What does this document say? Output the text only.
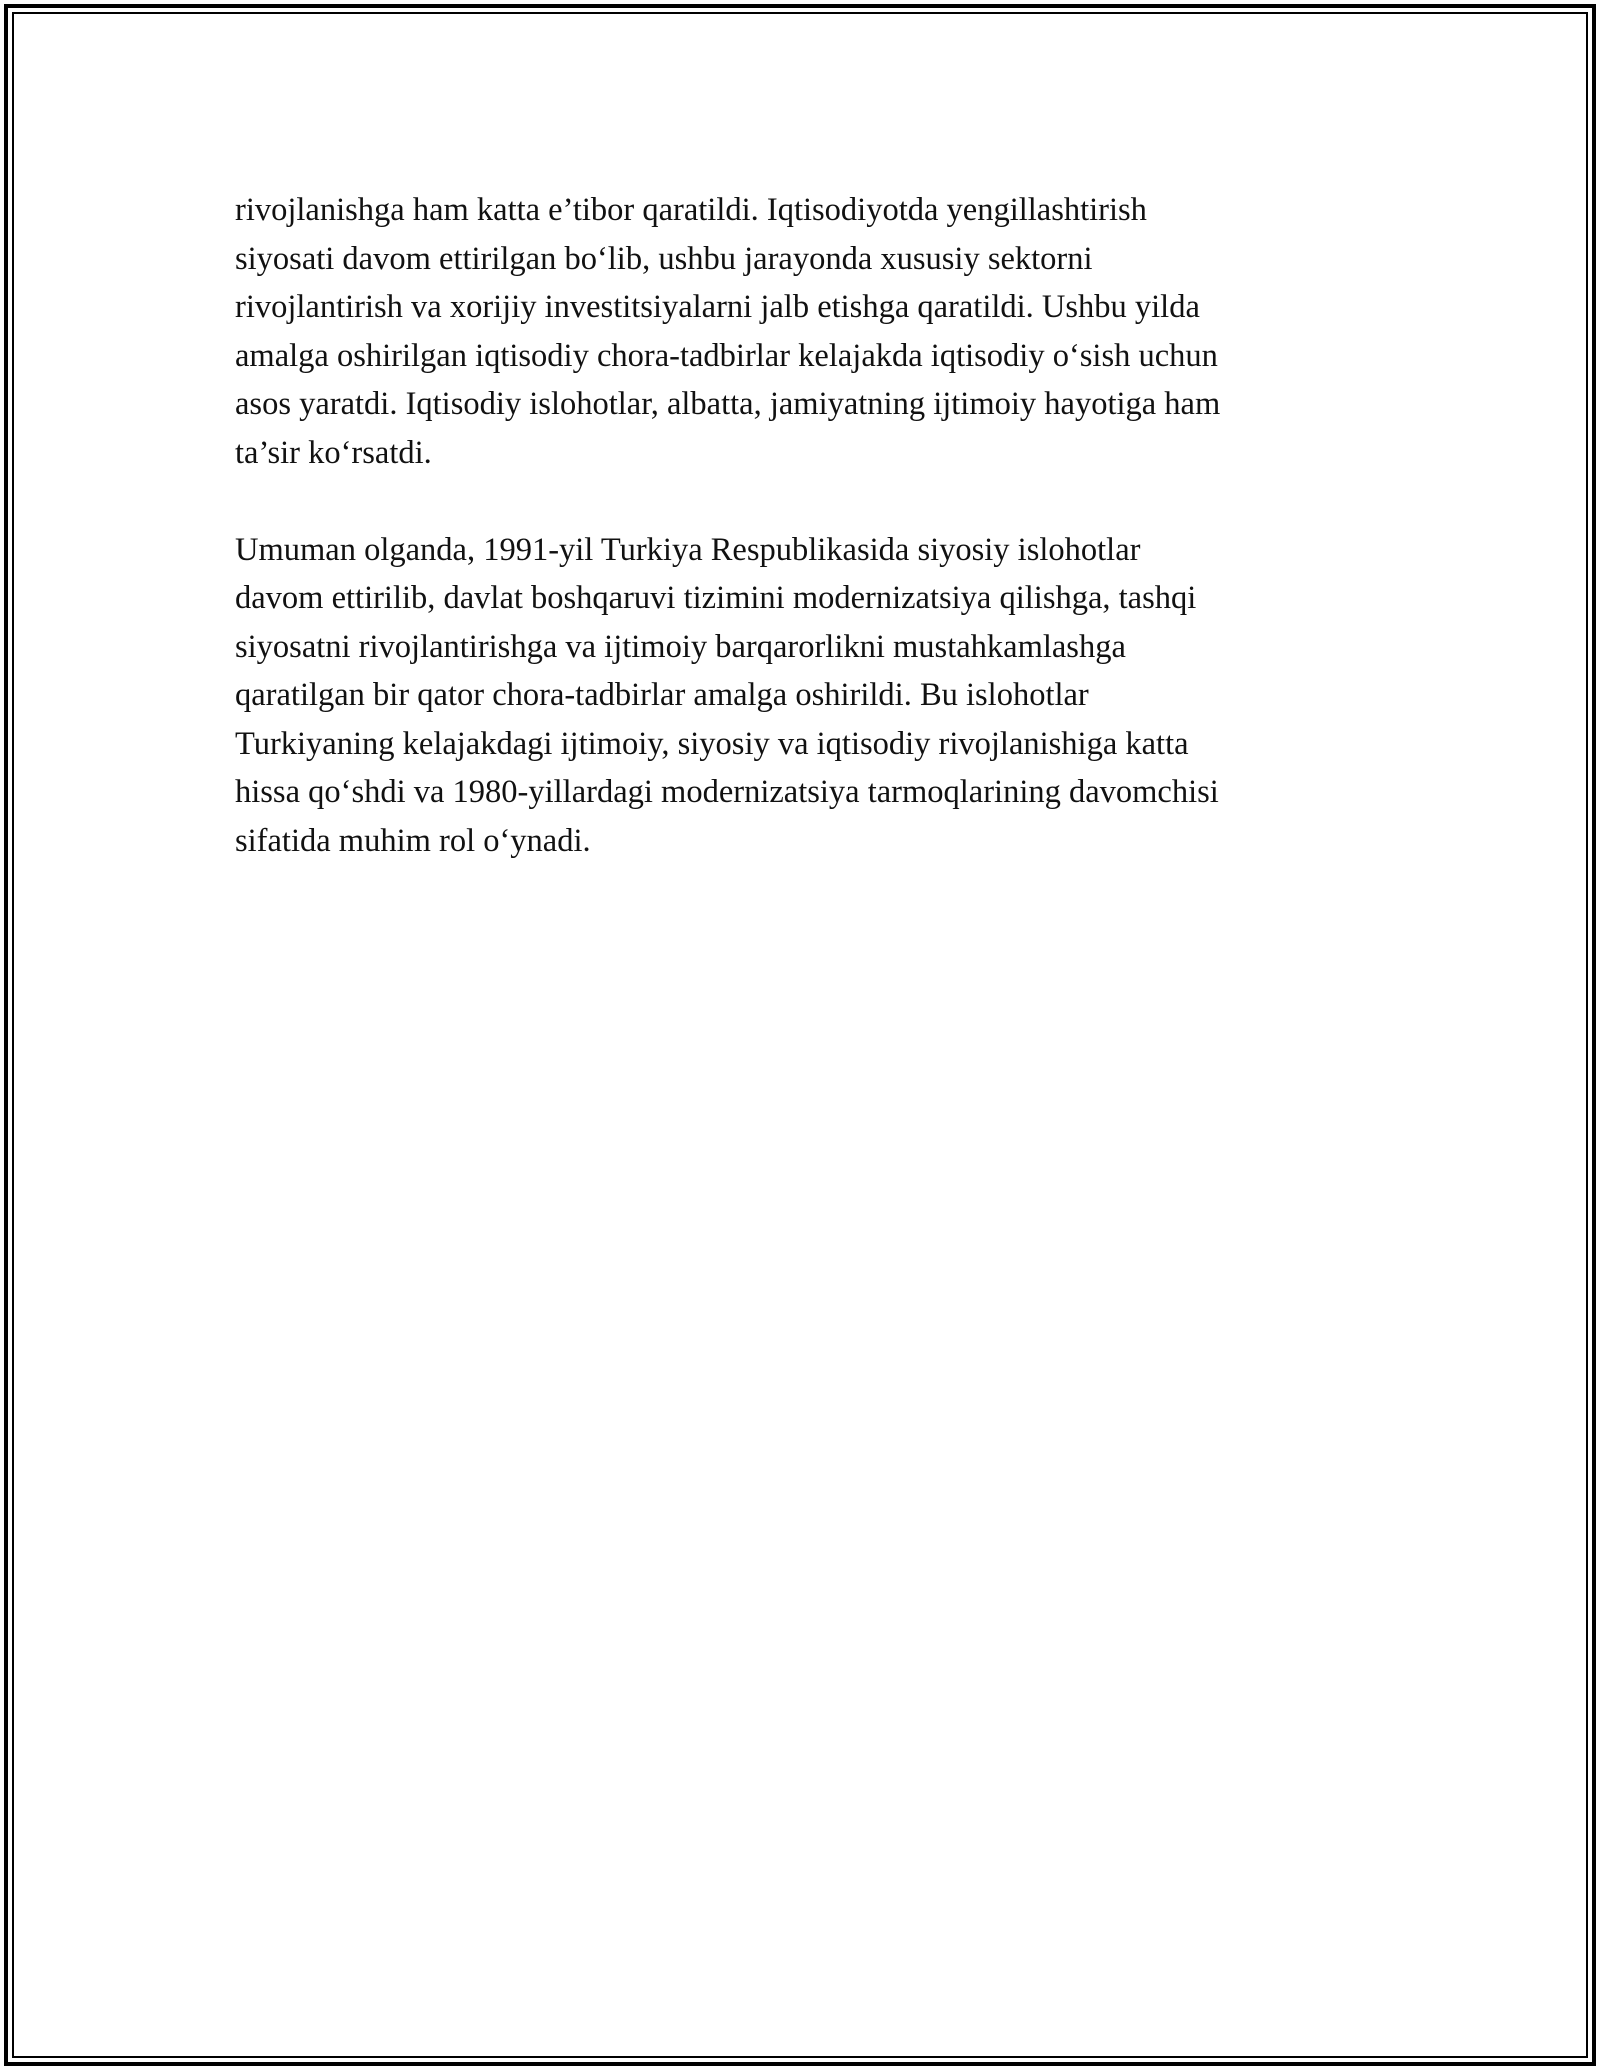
rivojlanishga ham katta e’tibor qaratildi. Iqtisodiyotda yengillashtirish
siyosati davom ettirilgan bo‘lib, ushbu jarayonda xususiy sektorni
rivojlantirish va xorijiy investitsiyalarni jalb etishga qaratildi. Ushbu yilda
amalga oshirilgan iqtisodiy chora-tadbirlar kelajakda iqtisodiy o‘sish uchun
asos yaratdi. Iqtisodiy islohotlar, albatta, jamiyatning ijtimoiy hayotiga ham
ta’sir ko‘rsatdi.

Umuman olganda, 1991-yil Turkiya Respublikasida siyosiy islohotlar
davom ettirilib, davlat boshqaruvi tizimini modernizatsiya qilishga, tashqi
siyosatni rivojlantirishga va ijtimoiy barqarorlikni mustahkamlashga
qaratilgan bir qator chora-tadbirlar amalga oshirildi. Bu islohotlar
Turkiyaning kelajakdagi ijtimoiy, siyosiy va iqtisodiy rivojlanishiga katta
hissa qo‘shdi va 1980-yillardagi modernizatsiya tarmoqlarining davomchisi
sifatida muhim rol o‘ynadi.
